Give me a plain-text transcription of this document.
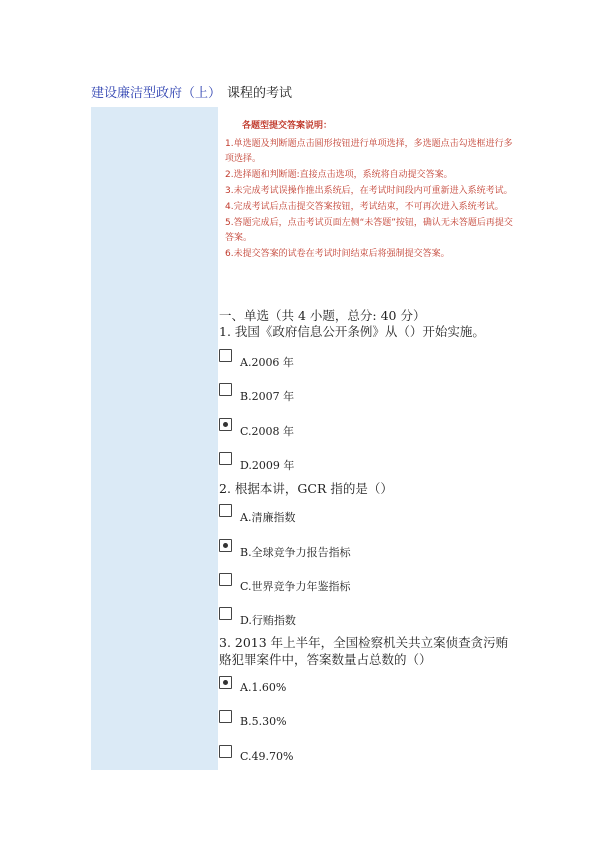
建设廉洁型政府（上） 课程的考试
各题型提交答案说明：
1.单选题及判断题点击圆形按钮进行单项选择，多选题点击勾选框进行多项选择。
2.选择题和判断题:直接点击选项，系统将自动提交答案。
3.未完成考试误操作推出系统后，在考试时间段内可重新进入系统考试。
4.完成考试后点击提交答案按钮，考试结束，不可再次进入系统考试。
5.答题完成后，点击考试页面左侧“未答题”按钮，确认无未答题后再提交答案。
6.未提交答案的试卷在考试时间结束后将强制提交答案。
一、单选（共 4 小题，总分: 40 分）
1. 我国《政府信息公开条例》从（）开始实施。
A.2006 年
B.2007 年
C.2008 年
D.2009 年
2. 根据本讲，GCR 指的是（）
A.清廉指数
B.全球竞争力报告指标
C.世界竞争力年鉴指标
D.行贿指数
3. 2013 年上半年，全国检察机关共立案侦查贪污贿赂犯罪案件中，答案数量占总数的（）
A.1.60%
B.5.30%
C.49.70%
